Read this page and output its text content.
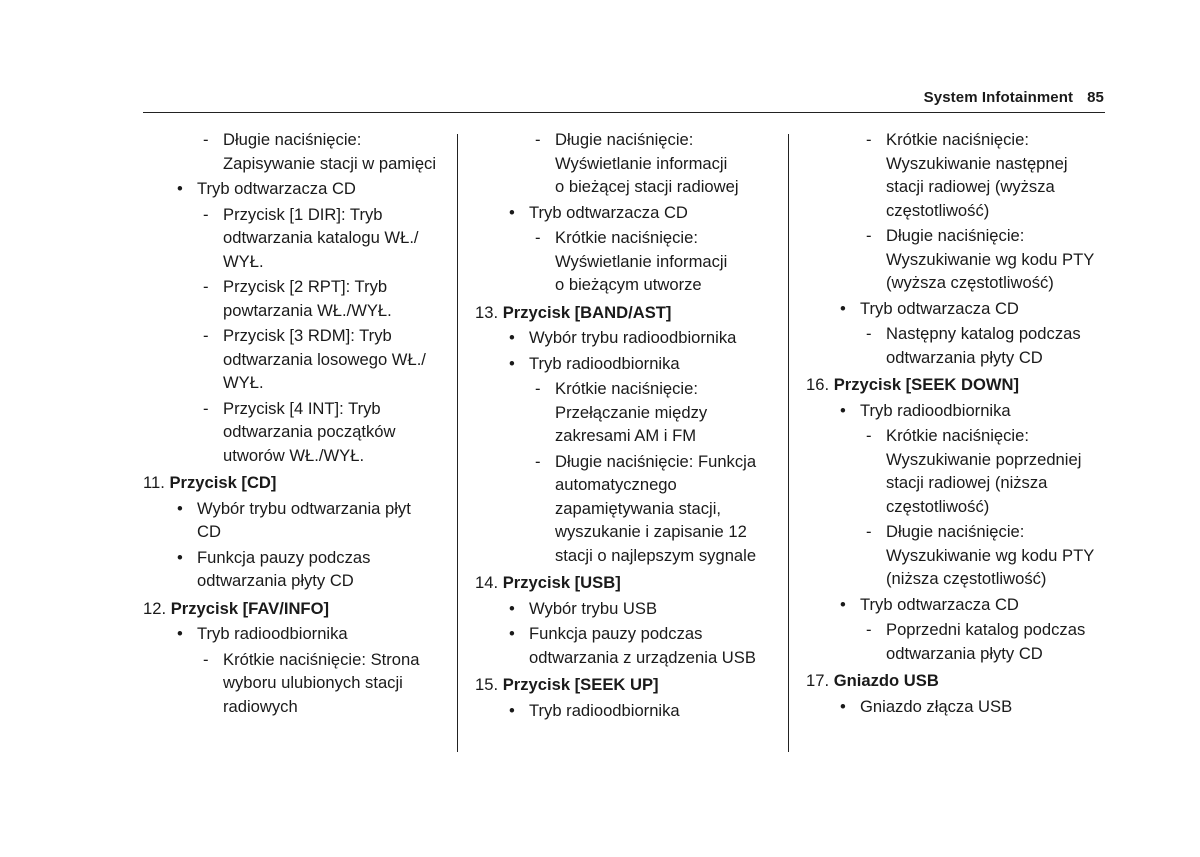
System Infotainment 85
- Długie naciśnięcie:
Zapisywanie stacji w pamięci
• Tryb odtwarzacza CD
- Przycisk [1 DIR]: Tryb
odtwarzania katalogu WŁ./
WYŁ.
- Przycisk [2 RPT]: Tryb
powtarzania WŁ./WYŁ.
- Przycisk [3 RDM]: Tryb
odtwarzania losowego WŁ./
WYŁ.
- Przycisk [4 INT]: Tryb
odtwarzania początków
utworów WŁ./WYŁ.
11. Przycisk [CD]
• Wybór trybu odtwarzania płyt
CD
• Funkcja pauzy podczas
odtwarzania płyty CD
12. Przycisk [FAV/INFO]
• Tryb radioodbiornika
- Krótkie naciśnięcie: Strona
wyboru ulubionych stacji
radiowych
- Długie naciśnięcie:
Wyświetlanie informacji
o bieżącej stacji radiowej
• Tryb odtwarzacza CD
- Krótkie naciśnięcie:
Wyświetlanie informacji
o bieżącym utworze
13. Przycisk [BAND/AST]
• Wybór trybu radioodbiornika
• Tryb radioodbiornika
- Krótkie naciśnięcie:
Przełączanie między
zakresami AM i FM
- Długie naciśnięcie: Funkcja
automatycznego
zapamiętywania stacji,
wyszukanie i zapisanie 12
stacji o najlepszym sygnale
14. Przycisk [USB]
• Wybór trybu USB
• Funkcja pauzy podczas
odtwarzania z urządzenia USB
15. Przycisk [SEEK UP]
• Tryb radioodbiornika
- Krótkie naciśnięcie:
Wyszukiwanie następnej
stacji radiowej (wyższa
częstotliwość)
- Długie naciśnięcie:
Wyszukiwanie wg kodu PTY
(wyższa częstotliwość)
• Tryb odtwarzacza CD
- Następny katalog podczas
odtwarzania płyty CD
16. Przycisk [SEEK DOWN]
• Tryb radioodbiornika
- Krótkie naciśnięcie:
Wyszukiwanie poprzedniej
stacji radiowej (niższa
częstotliwość)
- Długie naciśnięcie:
Wyszukiwanie wg kodu PTY
(niższa częstotliwość)
• Tryb odtwarzacza CD
- Poprzedni katalog podczas
odtwarzania płyty CD
17. Gniazdo USB
• Gniazdo złącza USB
